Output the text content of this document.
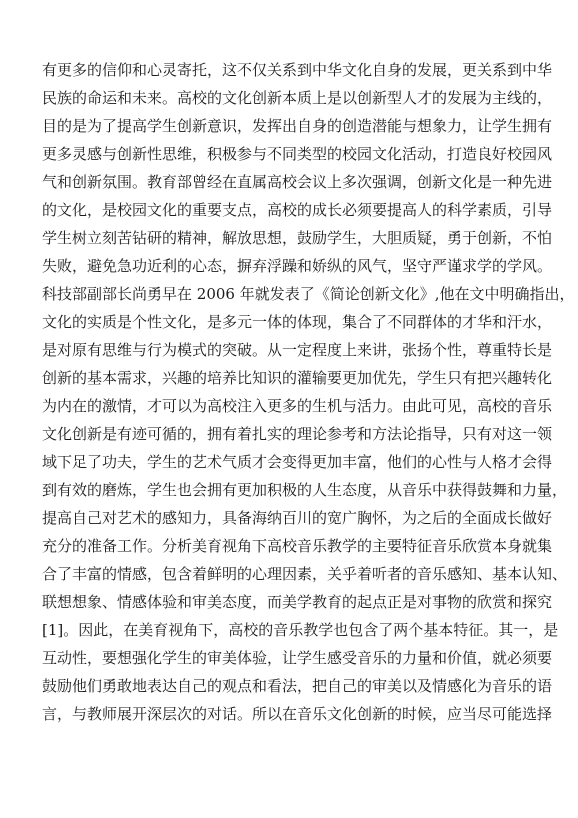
有更多的信仰和心灵寄托，这不仅关系到中华文化自身的发展，更关系到中华
民族的命运和未来。高校的文化创新本质上是以创新型人才的发展为主线的，
目的是为了提高学生创新意识，发挥出自身的创造潜能与想象力，让学生拥有
更多灵感与创新性思维，积极参与不同类型的校园文化活动，打造良好校园风
气和创新氛围。教育部曾经在直属高校会议上多次强调，创新文化是一种先进
的文化，是校园文化的重要支点，高校的成长必须要提高人的科学素质，引导
学生树立刻苦钻研的精神，解放思想，鼓励学生，大胆质疑，勇于创新，不怕
失败，避免急功近利的心态，摒弃浮躁和娇纵的风气，坚守严谨求学的学风。
科技部副部长尚勇早在 2006 年就发表了《简论创新文化》,他在文中明确指出，
文化的实质是个性文化，是多元一体的体现，集合了不同群体的才华和汗水，
是对原有思维与行为模式的突破。从一定程度上来讲，张扬个性，尊重特长是
创新的基本需求，兴趣的培养比知识的灌输要更加优先，学生只有把兴趣转化
为内在的激情，才可以为高校注入更多的生机与活力。由此可见，高校的音乐
文化创新是有迹可循的，拥有着扎实的理论参考和方法论指导，只有对这一领
域下足了功夫，学生的艺术气质才会变得更加丰富，他们的心性与人格才会得
到有效的磨炼，学生也会拥有更加积极的人生态度，从音乐中获得鼓舞和力量，
提高自己对艺术的感知力，具备海纳百川的宽广胸怀，为之后的全面成长做好
充分的准备工作。分析美育视角下高校音乐教学的主要特征音乐欣赏本身就集
合了丰富的情感，包含着鲜明的心理因素，关乎着听者的音乐感知、基本认知、
联想想象、情感体验和审美态度，而美学教育的起点正是对事物的欣赏和探究
[1]。因此，在美育视角下，高校的音乐教学也包含了两个基本特征。其一，是
互动性，要想强化学生的审美体验，让学生感受音乐的力量和价值，就必须要
鼓励他们勇敢地表达自己的观点和看法，把自己的审美以及情感化为音乐的语
言，与教师展开深层次的对话。所以在音乐文化创新的时候，应当尽可能选择
